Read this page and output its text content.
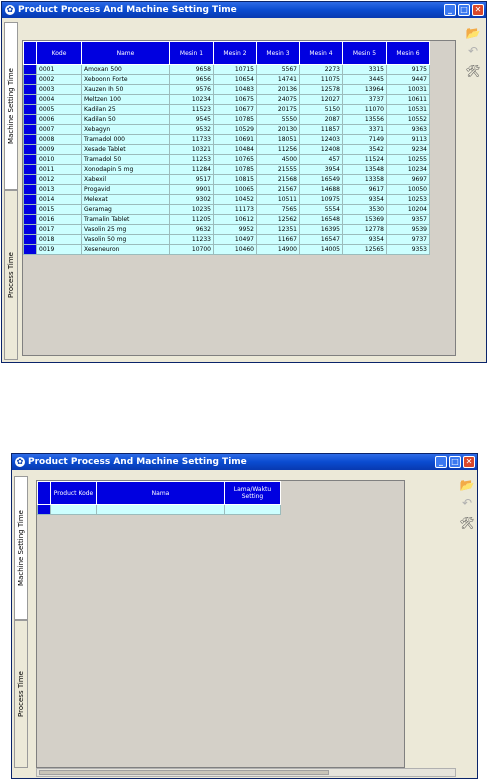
✿ Product Process And Machine Setting Time	_	□ ✕
Machine Setting Time
Process Time
	Kode	Name	Mesin 1	Mesin 2	Mesin 3	Mesin 4	Mesin 5	Mesin 6
	0001	Amoxan 500	9658	10715	5567	2273	3315	9175
	0002	Xeboonn Forte	9656	10654	14741	11075	3445	9447
	0003	Xauzen Ih 50	9576	10483	20136	12578	13964	10031
	0004	Meltzen 100	10234	10675	24075	12027	3737	10611
	0005	Kadilan 25	11523	10677	20175	5150	11070	10531
	0006	Kadilan 50	9545	10785	5550	2087	13556	10552
	0007	Xebagyn	9532	10529	20130	11857	3371	9363
	0008	Tramadol 000	11733	10691	18051	12403	7149	9113
	0009	Xesade Tablet	10321	10484	11256	12408	3542	9234
	0010	Tramadol 50	11253	10765	4500	457	11524	10255
	0011	Xonodapin 5 mg	11284	10785	21555	3954	13548	10234
	0012	Xabexil	9517	10815	21568	16549	13358	9697
	0013	Progavid	9901	10065	21567	14688	9617	10050
	0014	Melexat	9302	10452	10511	10975	9354	10253
	0015	Geramag	10235	11173	7565	5554	3530	10204
	0016	Tramalin Tablet	11205	10612	12562	16548	15369	9357
	0017	Vasolin 25 mg	9632	9952	12351	16395	12778	9539
	0018	Vasolin 50 mg	11233	10497	11667	16547	9354	9737
	0019	Xeseneuron	10700	10460	14900	14005	12565	9353
📂
↶
🛠
✿ Product Process And Machine Setting Time	_	□ ✕
Machine Setting Time
Process Time
	Product Kode	Nama	Lama/Waktu Setting

📂
↶
🛠
